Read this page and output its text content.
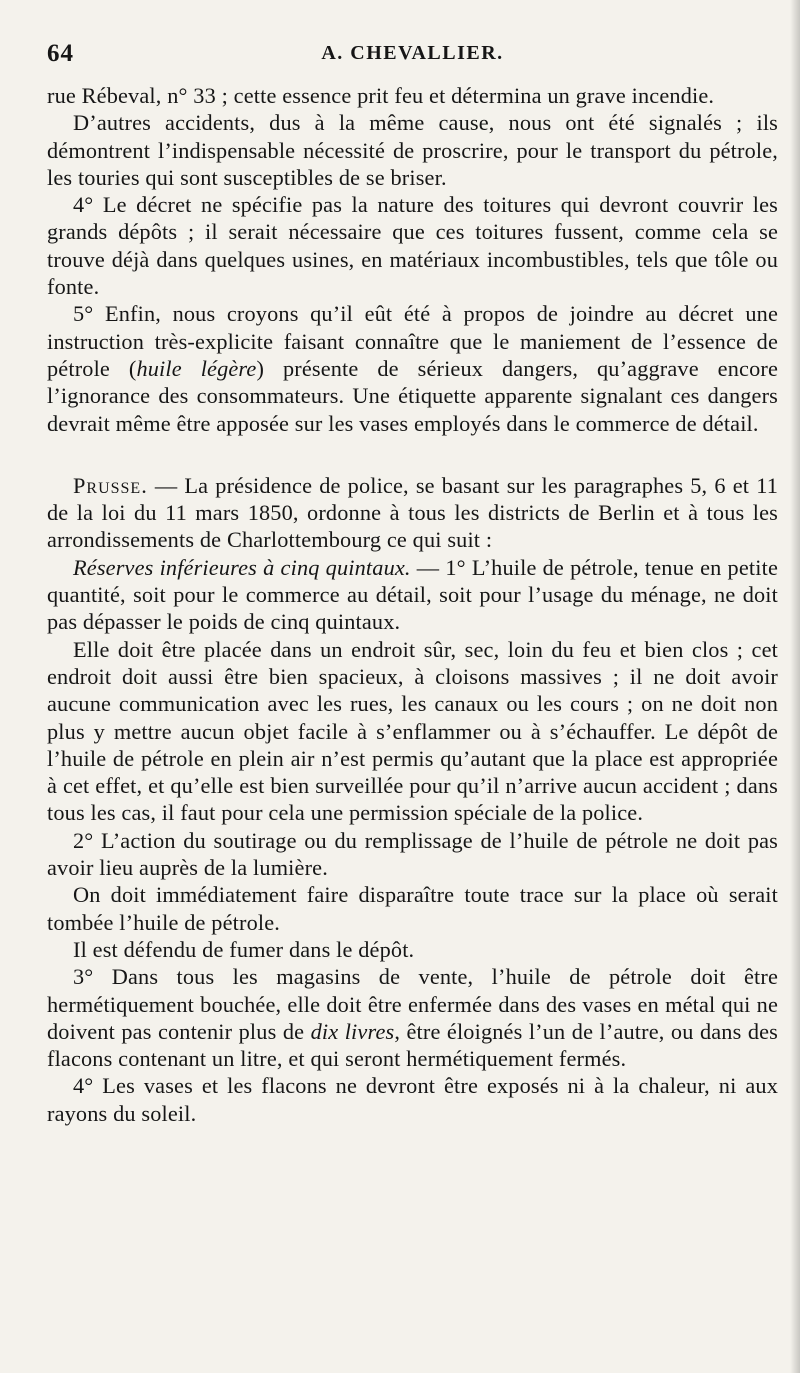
64	A. CHEVALLIER.

rue Rébeval, n° 33 ; cette essence prit feu et détermina un grave incendie.

D’autres accidents, dus à la même cause, nous ont été signalés ; ils démontrent l’indispensable nécessité de proscrire, pour le transport du pétrole, les touries qui sont susceptibles de se briser.

4° Le décret ne spécifie pas la nature des toitures qui devront couvrir les grands dépôts ; il serait nécessaire que ces toitures fussent, comme cela se trouve déjà dans quelques usines, en matériaux incombustibles, tels que tôle ou fonte.

5° Enfin, nous croyons qu’il eût été à propos de joindre au décret une instruction très-explicite faisant connaître que le maniement de l’essence de pétrole (huile légère) présente de sérieux dangers, qu’aggrave encore l’ignorance des consommateurs. Une étiquette apparente signalant ces dangers devrait même être apposée sur les vases employés dans le commerce de détail.

Prusse. — La présidence de police, se basant sur les paragraphes 5, 6 et 11 de la loi du 11 mars 1850, ordonne à tous les districts de Berlin et à tous les arrondissements de Charlottembourg ce qui suit :

Réserves inférieures à cinq quintaux. — 1° L’huile de pétrole, tenue en petite quantité, soit pour le commerce au détail, soit pour l’usage du ménage, ne doit pas dépasser le poids de cinq quintaux.

Elle doit être placée dans un endroit sûr, sec, loin du feu et bien clos ; cet endroit doit aussi être bien spacieux, à cloisons massives ; il ne doit avoir aucune communication avec les rues, les canaux ou les cours ; on ne doit non plus y mettre aucun objet facile à s’enflammer ou à s’échauffer. Le dépôt de l’huile de pétrole en plein air n’est permis qu’autant que la place est appropriée à cet effet, et qu’elle est bien surveillée pour qu’il n’arrive aucun accident ; dans tous les cas, il faut pour cela une permission spéciale de la police.

2° L’action du soutirage ou du remplissage de l’huile de pétrole ne doit pas avoir lieu auprès de la lumière.

On doit immédiatement faire disparaître toute trace sur la place où serait tombée l’huile de pétrole.

Il est défendu de fumer dans le dépôt.

3° Dans tous les magasins de vente, l’huile de pétrole doit être hermétiquement bouchée, elle doit être enfermée dans des vases en métal qui ne doivent pas contenir plus de dix livres, être éloignés l’un de l’autre, ou dans des flacons contenant un litre, et qui seront hermétiquement fermés.

4° Les vases et les flacons ne devront être exposés ni à la chaleur, ni aux rayons du soleil.
